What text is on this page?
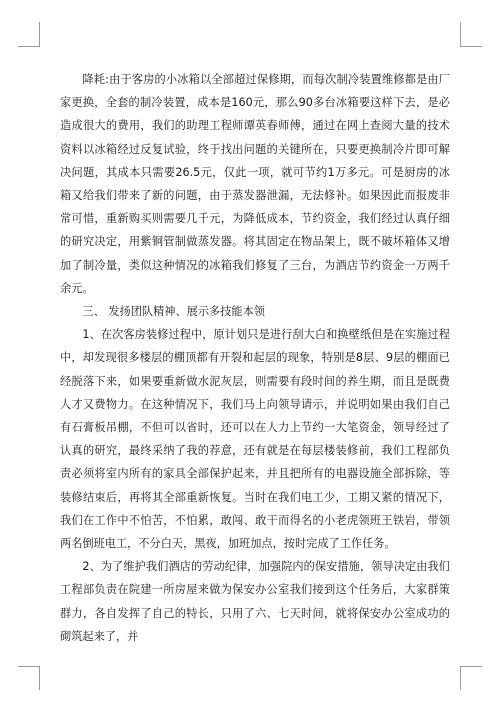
降耗:由于客房的小冰箱以全部超过保修期，而每次制冷装置维修都是由厂家更换，全套的制冷装置，成本是160元，那么90多台冰箱要这样下去，是必造成很大的费用，我们的助理工程师谭英春师傅，通过在网上查阅大量的技术资料以冰箱经过反复试验，终于找出问题的关键所在，只要更换制冷片即可解决问题，其成本只需要26.5元，仅此一项，就可节约1万多元。可是厨房的冰箱又给我们带来了新的问题，由于蒸发器泄漏，无法修补。如果因此而报废非常可惜，重新购买则需要几千元，为降低成本，节约资金，我们经过认真仔细的研究决定，用紫铜管制做蒸发器。将其固定在物品架上，既不破坏箱体又增加了制冷量，类似这种情况的冰箱我们修复了三台，为酒店节约资金一万两千余元。

三、 发扬团队精神、展示多技能本领

1、在次客房装修过程中，原计划只是进行刮大白和换壁纸但是在实施过程中，却发现很多楼层的棚顶都有开裂和起层的现象，特别是8层、9层的棚面已经脱落下来，如果要重新做水泥灰层，则需要有段时间的养生期，而且是既费人才又费物力。在这种情况下，我们马上向领导请示，并说明如果由我们自己有石膏板吊棚，不但可以省时，还可以在人力上节约一大笔资金，领导经过了认真的研究，最终采纳了我的荐意，还有就是在每层楼装修前，我们工程部负责必须将室内所有的家具全部保护起来，并且把所有的电器设施全部拆除，等装修结束后，再将其全部重新恢复。当时在我们电工少，工期又紧的情况下，我们在工作中不怕苦，不怕累，敢闯、敢干而得名的小老虎领班王铁岩，带领两名倒班电工，不分白天，黑夜，加班加点，按时完成了工作任务。

2、为了维护我们酒店的劳动纪律，加强院内的保安措施，领导决定由我们工程部负责在院建一所房屋来做为保安办公室我们接到这个任务后，大家群策群力，各自发挥了自己的特长，只用了六、七天时间，就将保安办公室成功的砌筑起来了，并
